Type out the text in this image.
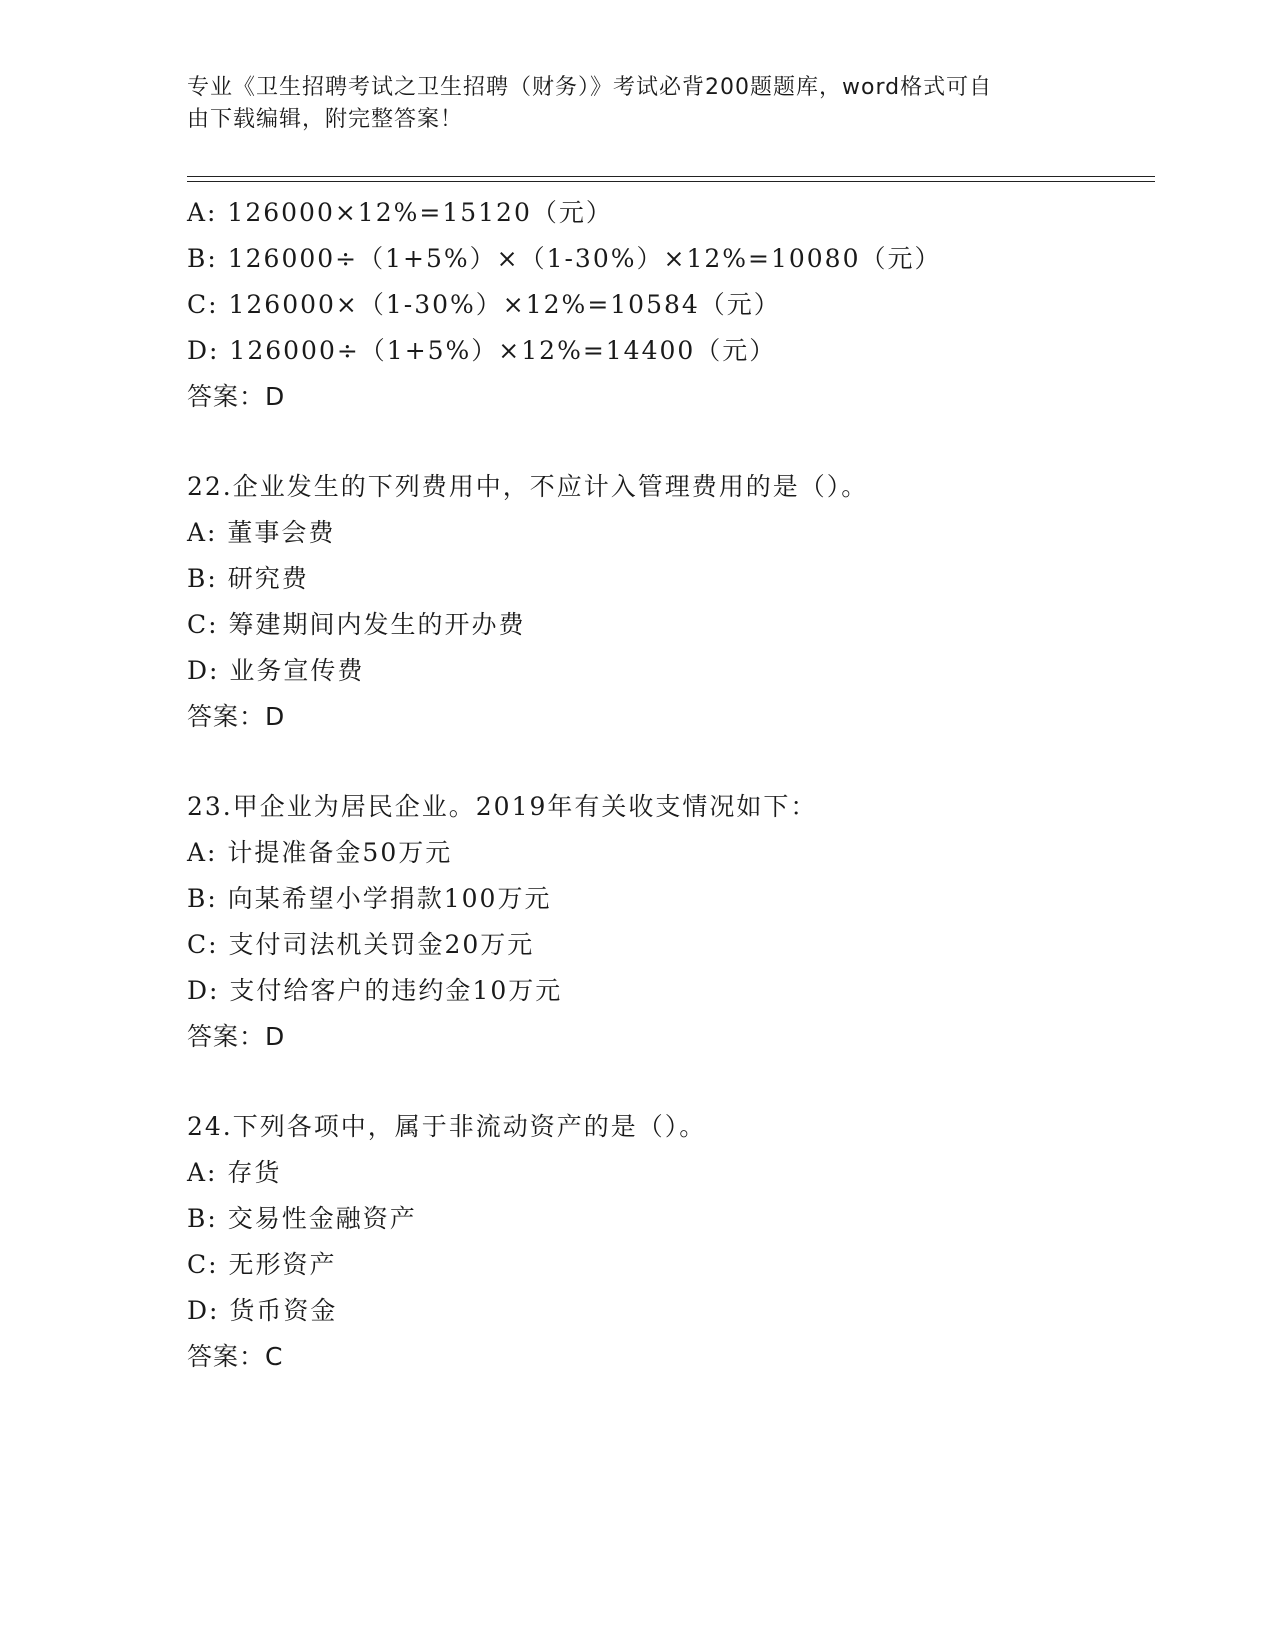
专业《卫生招聘考试之卫生招聘（财务）》考试必背200题题库，word格式可自
由下载编辑，附完整答案！
A: 126000×12%=15120（元）
B: 126000÷（1+5%）×（1-30%）×12%=10080（元）
C: 126000×（1-30%）×12%=10584（元）
D: 126000÷（1+5%）×12%=14400（元）
答案：D
22.企业发生的下列费用中，不应计入管理费用的是（）。
A: 董事会费
B: 研究费
C: 筹建期间内发生的开办费
D: 业务宣传费
答案：D
23.甲企业为居民企业。2019年有关收支情况如下：
A: 计提准备金50万元
B: 向某希望小学捐款100万元
C: 支付司法机关罚金20万元
D: 支付给客户的违约金10万元
答案：D
24.下列各项中，属于非流动资产的是（）。
A: 存货
B: 交易性金融资产
C: 无形资产
D: 货币资金
答案：C
